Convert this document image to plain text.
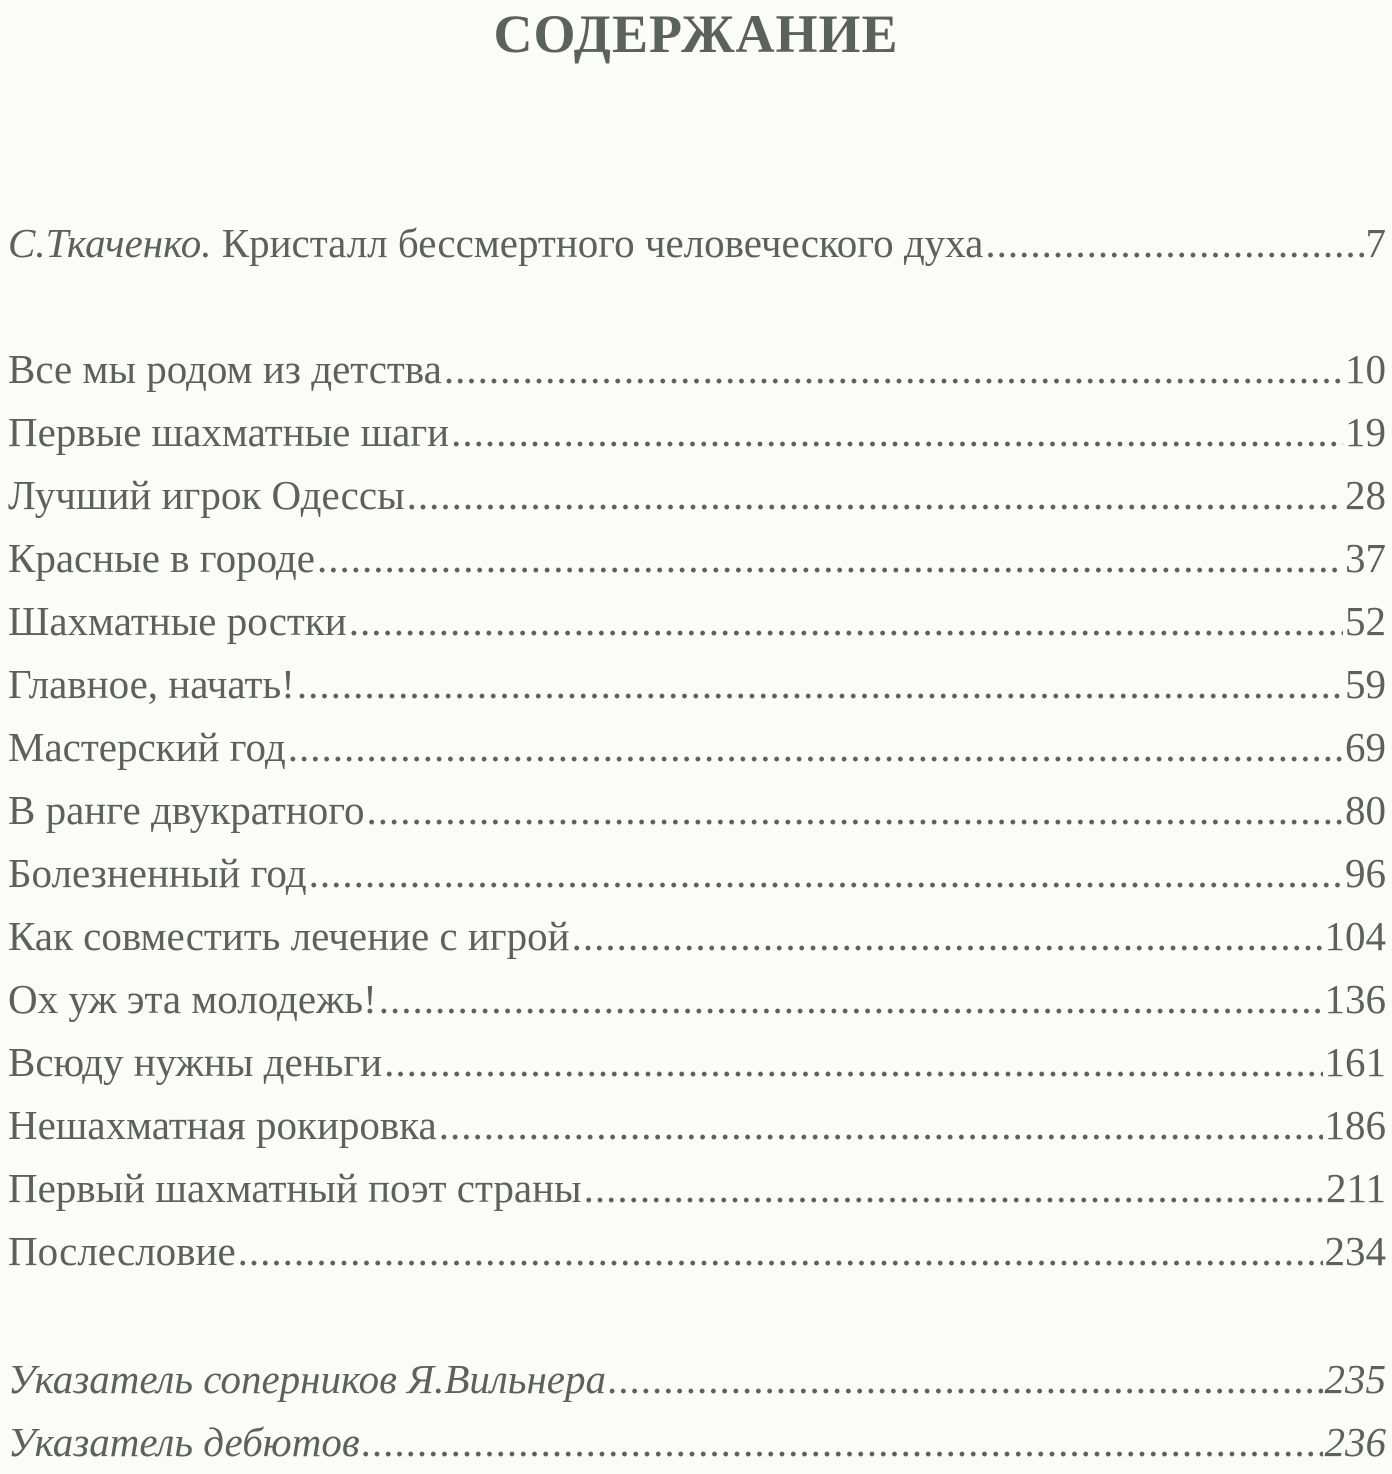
СОДЕРЖАНИЕ
С.Ткаченко. Кристалл бессмертного человеческого духа .....	7
Все мы родом из детства .....	10
Первые шахматные шаги .....	19
Лучший игрок Одессы .....	28
Красные в городе .....	37
Шахматные ростки .....	52
Главное, начать! .....	59
Мастерский год .....	69
В ранге двукратного .....	80
Болезненный год .....	96
Как совместить лечение с игрой .....	104
Ох уж эта молодежь! .....	136
Всюду нужны деньги .....	161
Нешахматная рокировка .....	186
Первый шахматный поэт страны .....	211
Послесловие .....	234
Указатель соперников Я.Вильнера .....	235
Указатель дебютов .....	236
